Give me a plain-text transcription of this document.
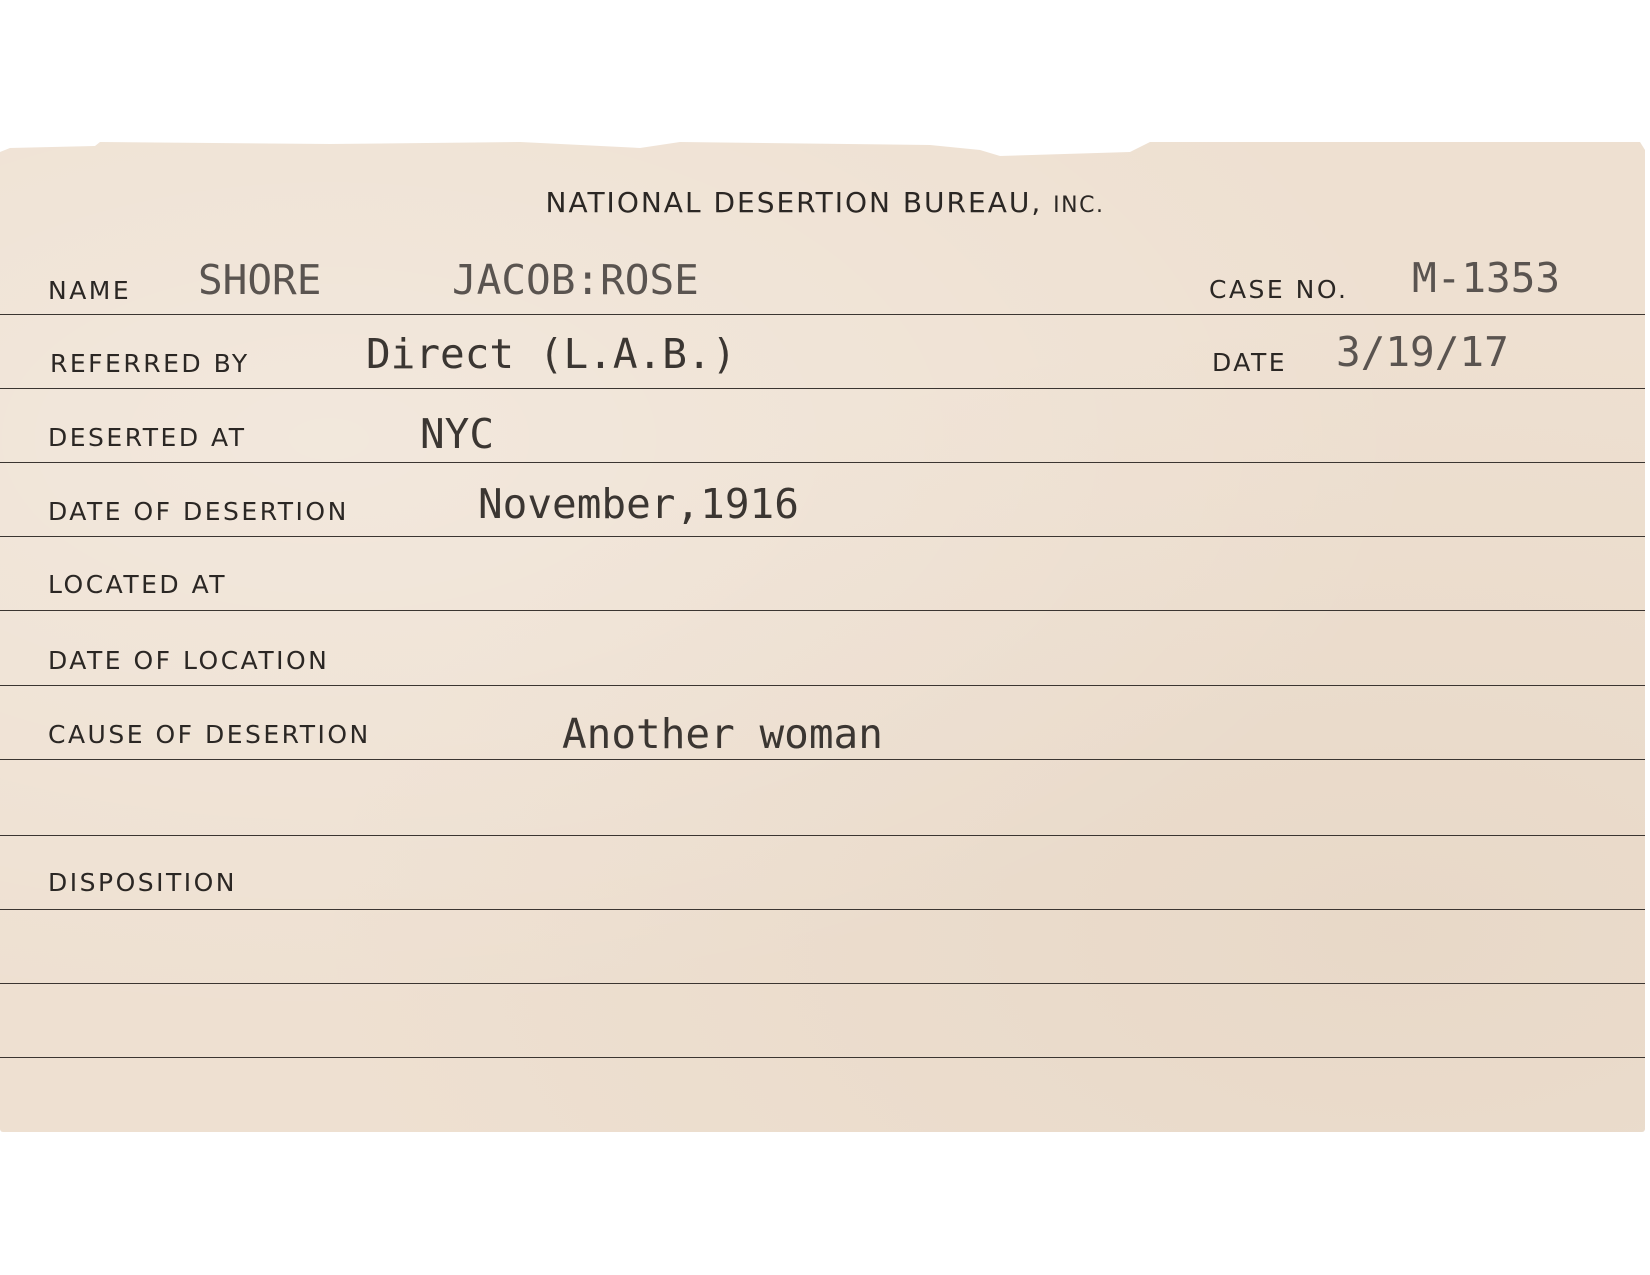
NATIONAL DESERTION BUREAU, INC.
NAME SHORE	JACOB:ROSE	CASE NO. M-1353
REFERRED BY	Direct (L.A.B.)	DATE 3/19/17
DESERTED AT	NYC
DATE OF DESERTION	November,1916
LOCATED AT
DATE OF LOCATION
CAUSE OF DESERTION	Another woman
DISPOSITION
